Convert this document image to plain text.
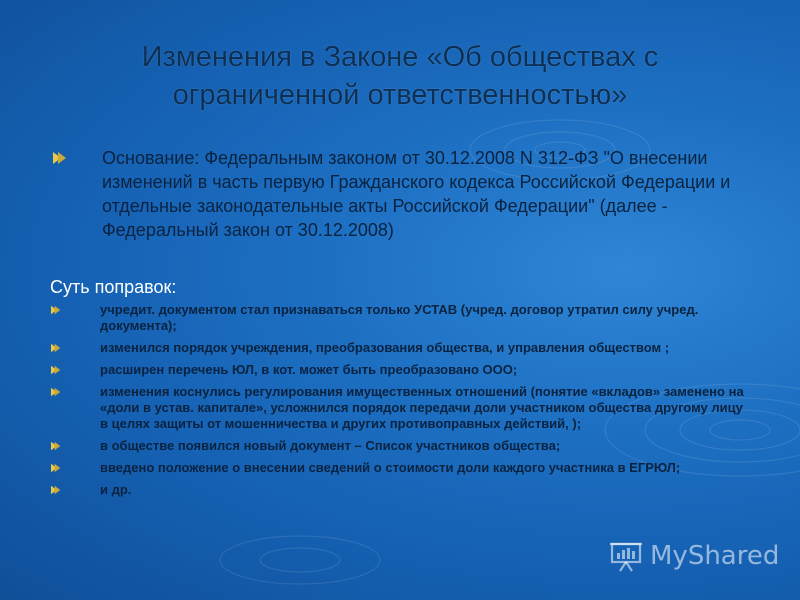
Изменения в Законе «Об обществах с
ограниченной ответственностью»
Основание: Федеральным законом от 30.12.2008 N 312-ФЗ "О внесении изменений в часть первую Гражданского кодекса Российской Федерации и отдельные законодательные акты Российской Федерации" (далее - Федеральный закон от 30.12.2008)
Суть поправок:
учредит. документом стал признаваться только УСТАВ (учред. договор утратил силу учред. документа);
изменился порядок учреждения, преобразования общества, и управления обществом ;
расширен перечень ЮЛ, в кот. может быть преобразовано ООО;
изменения коснулись регулирования имущественных отношений (понятие «вкладов» заменено на «доли в устав. капитале», усложнился порядок передачи доли участником общества другому лицу в целях защиты от мошенничества и других противоправных действий, );
в обществе появился новый документ – Список участников общества;
введено положение о внесении сведений о стоимости доли каждого участника в ЕГРЮЛ;
и др.
MyShared
